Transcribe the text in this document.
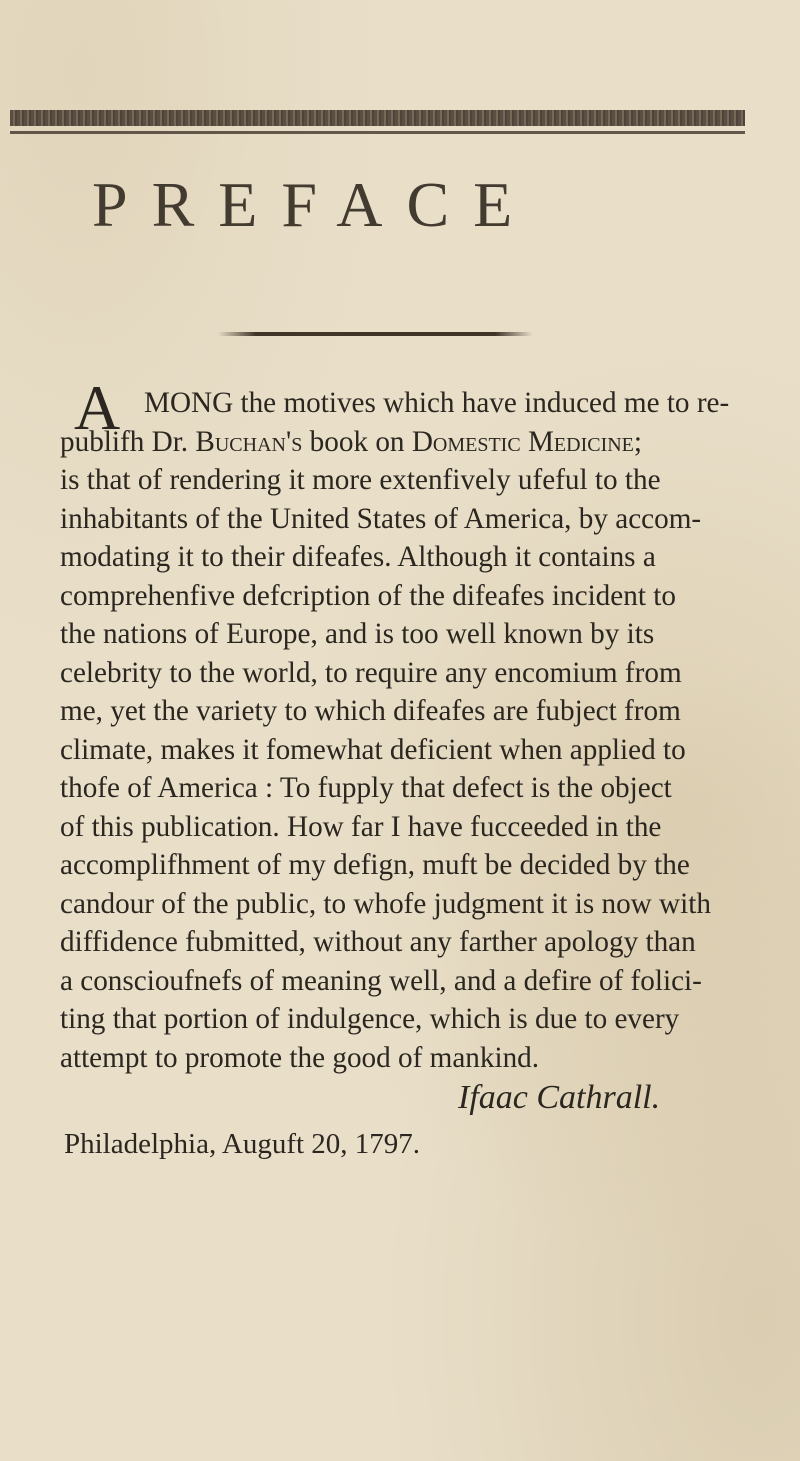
PREFACE
A MONG the motives which have induced me to re-
publifh Dr. Buchan's book on Domestic Medicine;
is that of rendering it more extenfively ufeful to the
inhabitants of the United States of America, by accom-
modating it to their difeafes. Although it contains a
comprehenfive defcription of the difeafes incident to
the nations of Europe, and is too well known by its
celebrity to the world, to require any encomium from
me, yet the variety to which difeafes are fubject from
climate, makes it fomewhat deficient when applied to
thofe of America : To fupply that defect is the object
of this publication. How far I have fucceeded in the
accomplifhment of my defign, muft be decided by the
candour of the public, to whofe judgment it is now with
diffidence fubmitted, without any farther apology than
a conscioufnefs of meaning well, and a defire of folici-
ting that portion of indulgence, which is due to every
attempt to promote the good of mankind.
Ifaac Cathrall.
Philadelphia, Auguft 20, 1797.
